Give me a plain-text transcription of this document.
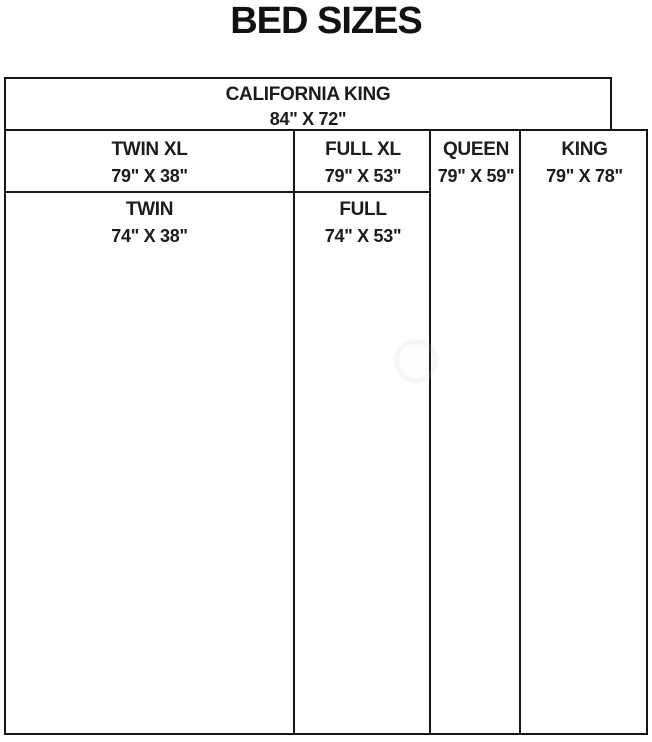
BED SIZES
CALIFORNIA KING
84" X 72"
TWIN XL
79" X 38"
FULL XL
79" X 53"
QUEEN
79" X 59"
KING
79" X 78"
TWIN
74" X 38"
FULL
74" X 53"
